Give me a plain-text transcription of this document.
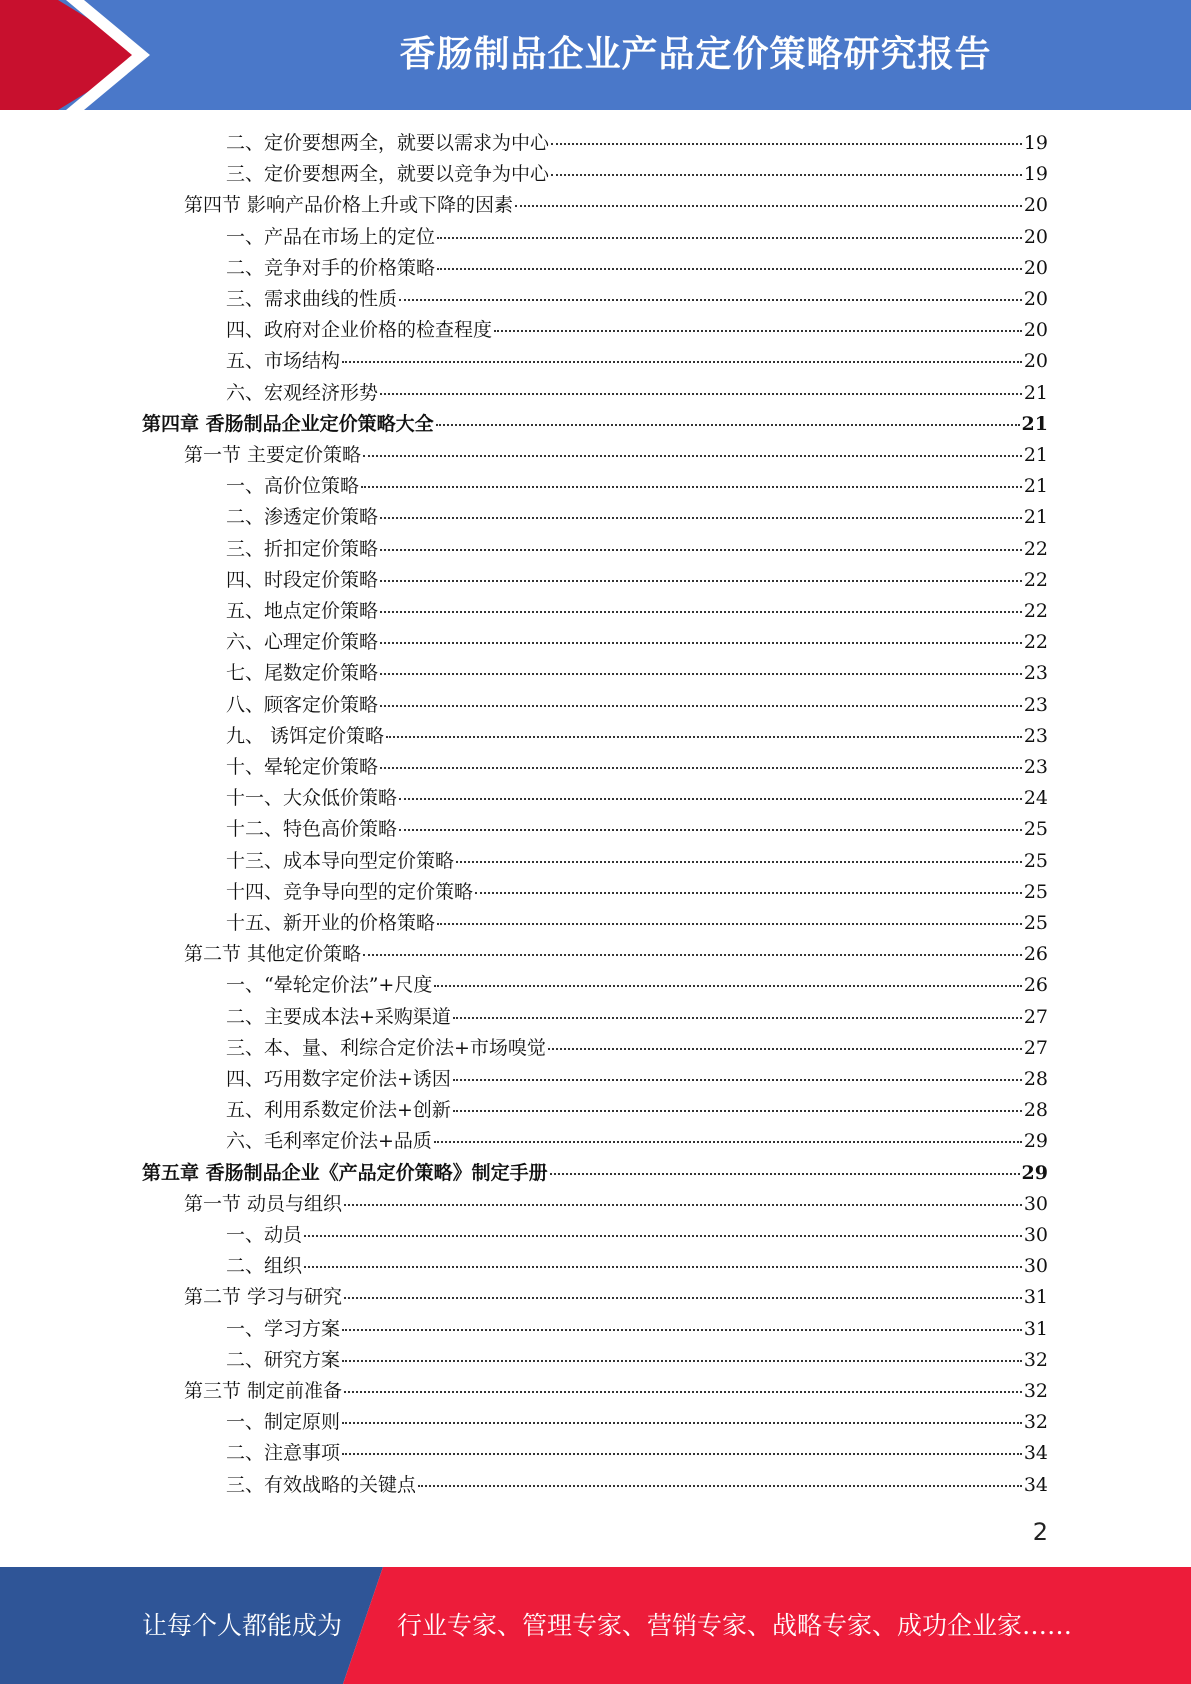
香肠制品企业产品定价策略研究报告
二、定价要想两全，就要以需求为中心	19
三、定价要想两全，就要以竞争为中心	19
第四节 影响产品价格上升或下降的因素	20
一、产品在市场上的定位	20
二、竞争对手的价格策略	20
三、需求曲线的性质	20
四、政府对企业价格的检查程度	20
五、市场结构	20
六、宏观经济形势	21
第四章 香肠制品企业定价策略大全	21
第一节 主要定价策略	21
一、高价位策略	21
二、渗透定价策略	21
三、折扣定价策略	22
四、时段定价策略	22
五、地点定价策略	22
六、心理定价策略	22
七、尾数定价策略	23
八、顾客定价策略	23
九、 诱饵定价策略	23
十、晕轮定价策略	23
十一、大众低价策略	24
十二、特色高价策略	25
十三、成本导向型定价策略	25
十四、竞争导向型的定价策略	25
十五、新开业的价格策略	25
第二节 其他定价策略	26
一、“晕轮定价法”+尺度	26
二、主要成本法+采购渠道	27
三、本、量、利综合定价法+市场嗅觉	27
四、巧用数字定价法+诱因	28
五、利用系数定价法+创新	28
六、毛利率定价法+品质	29
第五章 香肠制品企业《产品定价策略》制定手册	29
第一节 动员与组织	30
一、动员	30
二、组织	30
第二节 学习与研究	31
一、学习方案	31
二、研究方案	32
第三节 制定前准备	32
一、制定原则	32
二、注意事项	34
三、有效战略的关键点	34
2
让每个人都能成为 行业专家、管理专家、营销专家、战略专家、成功企业家……
